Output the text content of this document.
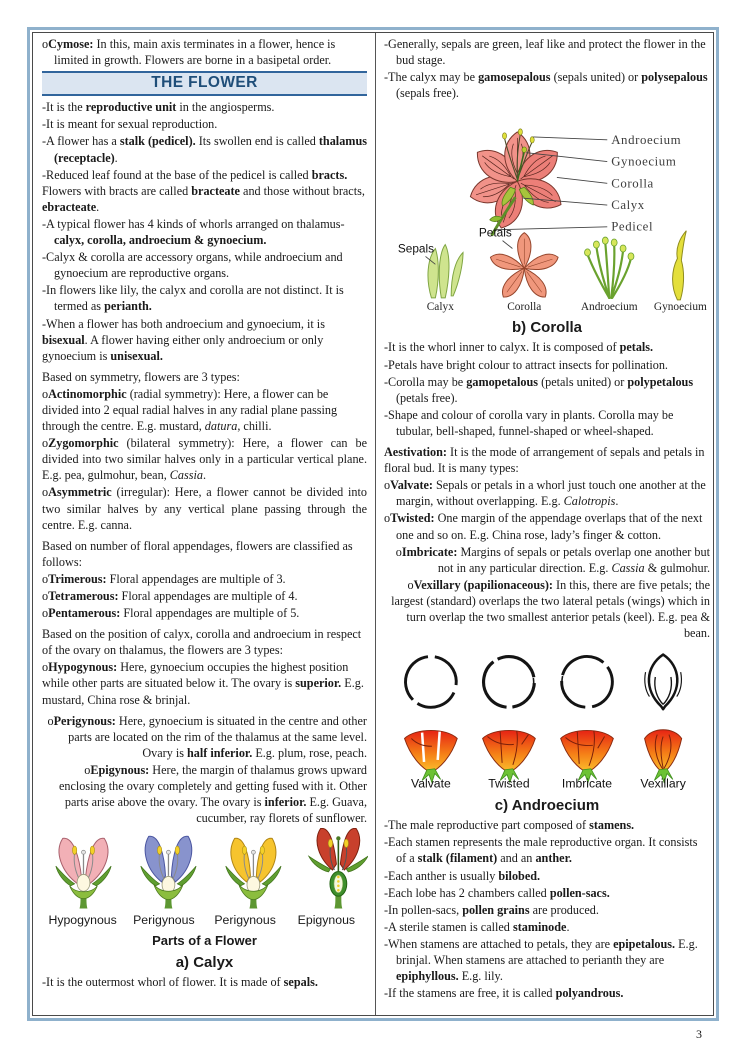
oCymose: In this, main axis terminates in a flower, hence is limited in growth. Flowers are borne in a basipetal order.

THE FLOWER

-It is the reproductive unit in the angiosperms.

-It is meant for sexual reproduction.

-A flower has a stalk (pedicel). Its swollen end is called thalamus (receptacle).

-Reduced leaf found at the base of the pedicel is called bracts. Flowers with bracts are called bracteate and those without bracts, ebracteate.

-A typical flower has 4 kinds of whorls arranged on thalamus- calyx, corolla, androecium & gynoecium.

-Calyx & corolla are accessory organs, while androecium and gynoecium are reproductive organs.

-In flowers like lily, the calyx and corolla are not distinct. It is termed as perianth.

-When a flower has both androecium and gynoecium, it is bisexual. A flower having either only androecium or only gynoecium is unisexual.

Based on symmetry, flowers are 3 types:

oActinomorphic (radial symmetry): Here, a flower can be divided into 2 equal radial halves in any radial plane passing through the centre. E.g. mustard, datura, chilli.

oZygomorphic (bilateral symmetry): Here, a flower can be divided into two similar halves only in a particular vertical plane. E.g. pea, gulmohur, bean, Cassia.

oAsymmetric (irregular): Here, a flower cannot be divided into two similar halves by any vertical plane passing through the centre. E.g. canna.

Based on number of floral appendages, flowers are classified as follows:

oTrimerous: Floral appendages are multiple of 3.

oTetramerous: Floral appendages are multiple of 4.

oPentamerous: Floral appendages are multiple of 5.

Based on the position of calyx, corolla and androecium in respect of the ovary on thalamus, the flowers are 3 types:

oHypogynous: Here, gynoecium occupies the highest position while other parts are situated below it. The ovary is superior. E.g. mustard, China rose & brinjal.

oPerigynous: Here, gynoecium is situated in the centre and other parts are located on the rim of the thalamus at the same level. Ovary is half inferior. E.g. plum, rose, peach.

oEpigynous: Here, the margin of thalamus grows upward enclosing the ovary completely and getting fused with it. Other parts arise above the ovary. The ovary is inferior. E.g. Guava, cucumber, ray florets of sunflower.

Hypogynous	Perigynous	Perigynous	Epigynous
Parts of a Flower
a) Calyx

-It is the outermost whorl of flower. It is made of sepals.

-Generally, sepals are green, leaf like and protect the flower in the bud stage.

-The calyx may be gamosepalous (sepals united) or polysepalous (sepals free).

Androecium
Gynoecium
Corolla
Calyx
Pedicel
Sepals
Petals
Calyx	Corolla	Androecium Gynoecium
b) Corolla

-It is the whorl inner to calyx. It is composed of petals.

-Petals have bright colour to attract insects for pollination.

-Corolla may be gamopetalous (petals united) or polypetalous (petals free).

-Shape and colour of corolla vary in plants. Corolla may be tubular, bell-shaped, funnel-shaped or wheel-shaped.

Aestivation: It is the mode of arrangement of sepals and petals in floral bud. It is many types:

oValvate: Sepals or petals in a whorl just touch one another at the margin, without overlapping. E.g. Calotropis.

oTwisted: One margin of the appendage overlaps that of the next one and so on. E.g. China rose, lady’s finger & cotton.

oImbricate: Margins of sepals or petals overlap one another but not in any particular direction. E.g. Cassia & gulmohur.

oVexillary (papilionaceous): In this, there are five petals; the largest (standard) overlaps the two lateral petals (wings) which in turn overlap the two smallest anterior petals (keel). E.g. pea & bean.

Valvate	Twisted	Imbricate Vexillary
c) Androecium

-The male reproductive part composed of stamens.

-Each stamen represents the male reproductive organ. It consists of a stalk (filament) and an anther.

-Each anther is usually bilobed.

-Each lobe has 2 chambers called pollen-sacs.

-In pollen-sacs, pollen grains are produced.

-A sterile stamen is called staminode.

-When stamens are attached to petals, they are epipetalous. E.g. brinjal. When stamens are attached to perianth they are epiphyllous. E.g. lily.

-If the stamens are free, it is called polyandrous.

3
